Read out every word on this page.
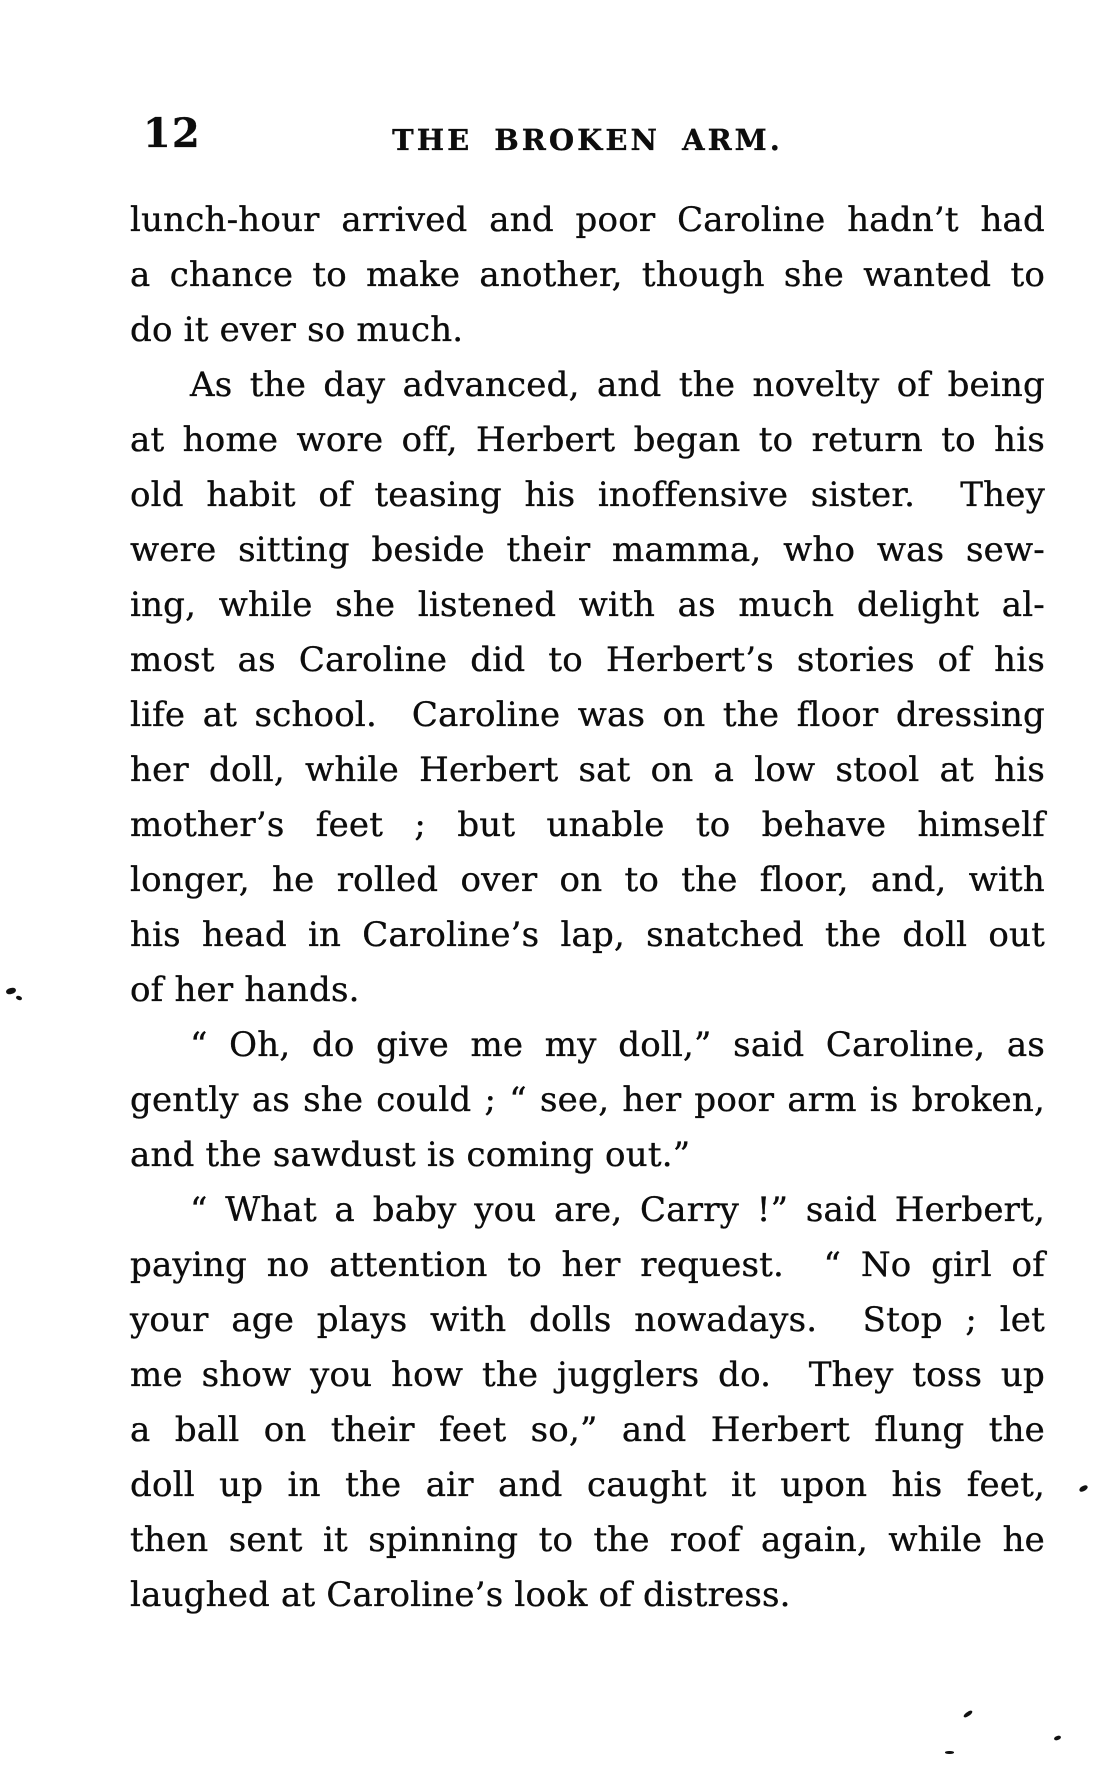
12	THE BROKEN ARM.
lunch-hour arrived and poor Caroline hadn’t had
a chance to make another, though she wanted to
do it ever so much.
As the day advanced, and the novelty of being
at home wore off, Herbert began to return to his
old habit of teasing his inoffensive sister.  They
were sitting beside their mamma, who was sew-
ing, while she listened with as much delight al-
most as Caroline did to Herbert’s stories of his
life at school.  Caroline was on the floor dressing
her doll, while Herbert sat on a low stool at his
mother’s feet ; but unable to behave himself
longer, he rolled over on to the floor, and, with
his head in Caroline’s lap, snatched the doll out
of her hands.
“ Oh, do give me my doll,” said Caroline, as
gently as she could ; “ see, her poor arm is broken,
and the sawdust is coming out.”
“ What a baby you are, Carry !” said Herbert,
paying no attention to her request.  “ No girl of
your age plays with dolls nowadays.  Stop ; let
me show you how the jugglers do.  They toss up
a ball on their feet so,” and Herbert flung the
doll up in the air and caught it upon his feet,
then sent it spinning to the roof again, while he
laughed at Caroline’s look of distress.
